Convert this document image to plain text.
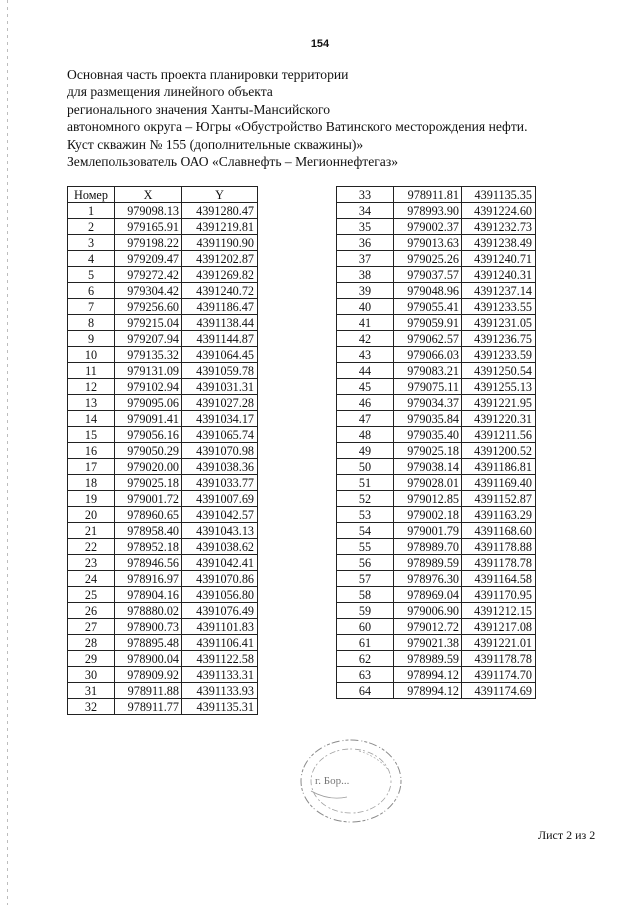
154
Основная часть проекта планировки территории
для размещения линейного объекта
регионального значения Ханты-Мансийского
автономного округа – Югры «Обустройство Ватинского месторождения нефти.
Куст скважин № 155 (дополнительные скважины)»
Землепользователь ОАО «Славнефть – Мегионнефтегаз»
Номер	X	Y
1	979098.13	4391280.47
2	979165.91	4391219.81
3	979198.22	4391190.90
4	979209.47	4391202.87
5	979272.42	4391269.82
6	979304.42	4391240.72
7	979256.60	4391186.47
8	979215.04	4391138.44
9	979207.94	4391144.87
10	979135.32	4391064.45
11	979131.09	4391059.78
12	979102.94	4391031.31
13	979095.06	4391027.28
14	979091.41	4391034.17
15	979056.16	4391065.74
16	979050.29	4391070.98
17	979020.00	4391038.36
18	979025.18	4391033.77
19	979001.72	4391007.69
20	978960.65	4391042.57
21	978958.40	4391043.13
22	978952.18	4391038.62
23	978946.56	4391042.41
24	978916.97	4391070.86
25	978904.16	4391056.80
26	978880.02	4391076.49
27	978900.73	4391101.83
28	978895.48	4391106.41
29	978900.04	4391122.58
30	978909.92	4391133.31
31	978911.88	4391133.93
32	978911.77	4391135.31
33	978911.81	4391135.35
34	978993.90	4391224.60
35	979002.37	4391232.73
36	979013.63	4391238.49
37	979025.26	4391240.71
38	979037.57	4391240.31
39	979048.96	4391237.14
40	979055.41	4391233.55
41	979059.91	4391231.05
42	979062.57	4391236.75
43	979066.03	4391233.59
44	979083.21	4391250.54
45	979075.11	4391255.13
46	979034.37	4391221.95
47	979035.84	4391220.31
48	979035.40	4391211.56
49	979025.18	4391200.52
50	979038.14	4391186.81
51	979028.01	4391169.40
52	979012.85	4391152.87
53	979002.18	4391163.29
54	979001.79	4391168.60
55	978989.70	4391178.88
56	978989.59	4391178.78
57	978976.30	4391164.58
58	978969.04	4391170.95
59	979006.90	4391212.15
60	979012.72	4391217.08
61	979021.38	4391221.01
62	978989.59	4391178.78
63	978994.12	4391174.70
64	978994.12	4391174.69
г. Бор...
Лист 2 из 2
